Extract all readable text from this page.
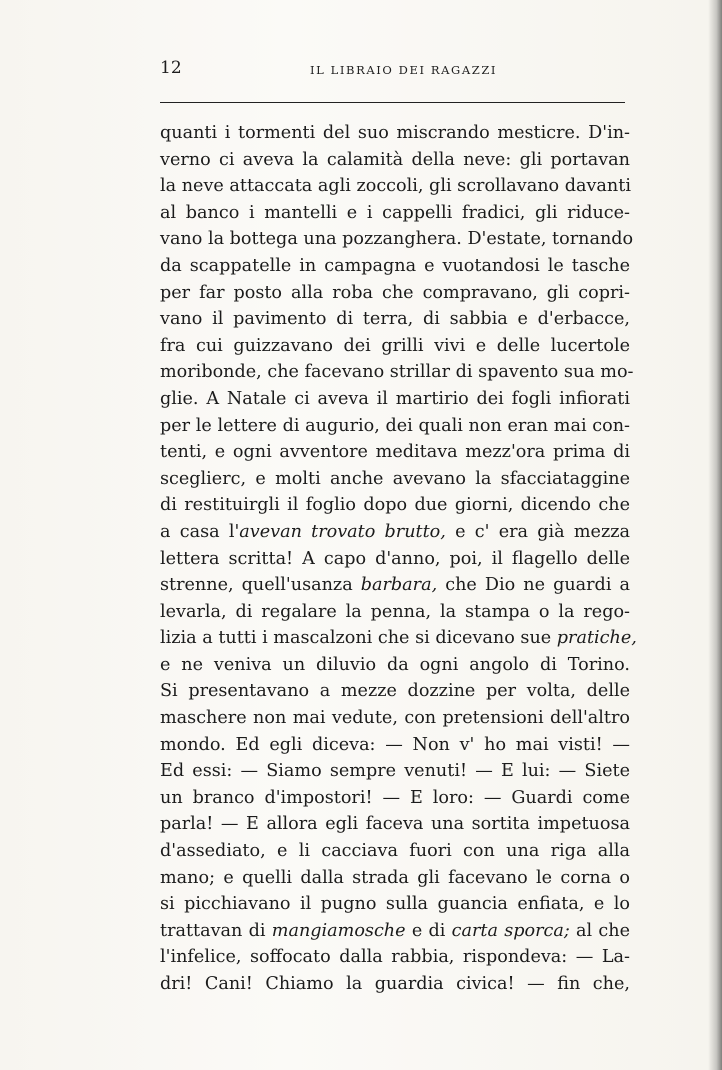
12	IL LIBRAIO DEI RAGAZZI
quanti i tormenti del suo miscrando mesticre. D'in-
verno ci aveva la calamità della neve: gli portavan
la neve attaccata agli zoccoli, gli scrollavano davanti
al banco i mantelli e i cappelli fradici, gli riduce-
vano la bottega una pozzanghera. D'estate, tornando
da scappatelle in campagna e vuotandosi le tasche
per far posto alla roba che compravano, gli copri-
vano il pavimento di terra, di sabbia e d'erbacce,
fra cui guizzavano dei grilli vivi e delle lucertole
moribonde, che facevano strillar di spavento sua mo-
glie. A Natale ci aveva il martirio dei fogli infiorati
per le lettere di augurio, dei quali non eran mai con-
tenti, e ogni avventore meditava mezz'ora prima di
sceglierc, e molti anche avevano la sfacciataggine
di restituirgli il foglio dopo due giorni, dicendo che
a casa l'avevan trovato brutto, e c' era già mezza
lettera scritta! A capo d'anno, poi, il flagello delle
strenne, quell'usanza barbara, che Dio ne guardi a
levarla, di regalare la penna, la stampa o la rego-
lizia a tutti i mascalzoni che si dicevano sue pratiche,
e ne veniva un diluvio da ogni angolo di Torino.
Si presentavano a mezze dozzine per volta, delle
maschere non mai vedute, con pretensioni dell'altro
mondo. Ed egli diceva: — Non v' ho mai visti! —
Ed essi: — Siamo sempre venuti! — E lui: — Siete
un branco d'impostori! — E loro: — Guardi come
parla! — E allora egli faceva una sortita impetuosa
d'assediato, e li cacciava fuori con una riga alla
mano; e quelli dalla strada gli facevano le corna o
si picchiavano il pugno sulla guancia enfiata, e lo
trattavan di mangiamosche e di carta sporca; al che
l'infelice, soffocato dalla rabbia, rispondeva: — La-
dri! Cani! Chiamo la guardia civica! — fin che,
